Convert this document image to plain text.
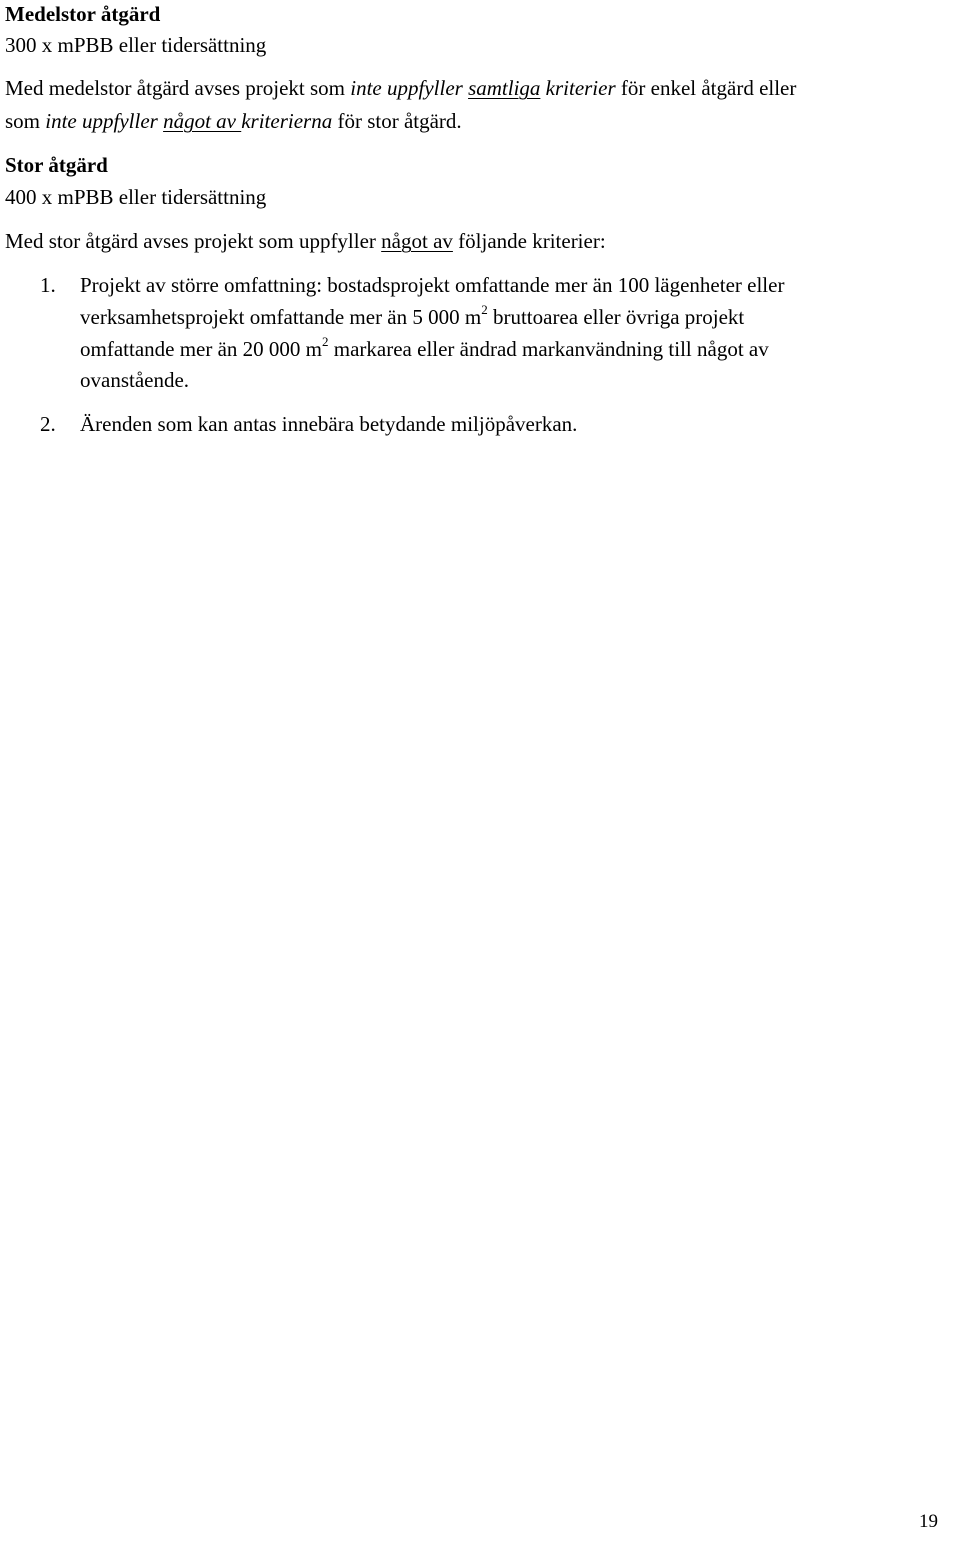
Medelstor åtgärd
300 x mPBB eller tidersättning
Med medelstor åtgärd avses projekt som inte uppfyller samtliga kriterier för enkel åtgärd eller
som inte uppfyller något av kriterierna för stor åtgärd.
Stor åtgärd
400 x mPBB eller tidersättning
Med stor åtgärd avses projekt som uppfyller något av följande kriterier:
1. Projekt av större omfattning: bostadsprojekt omfattande mer än 100 lägenheter eller
verksamhetsprojekt omfattande mer än 5 000 $m^2$ bruttoarea eller övriga projekt
omfattande mer än 20 000 $m^2$ markarea eller ändrad markanvändning till något av
ovanstående.
2. Ärenden som kan antas innebära betydande miljöpåverkan.
19
